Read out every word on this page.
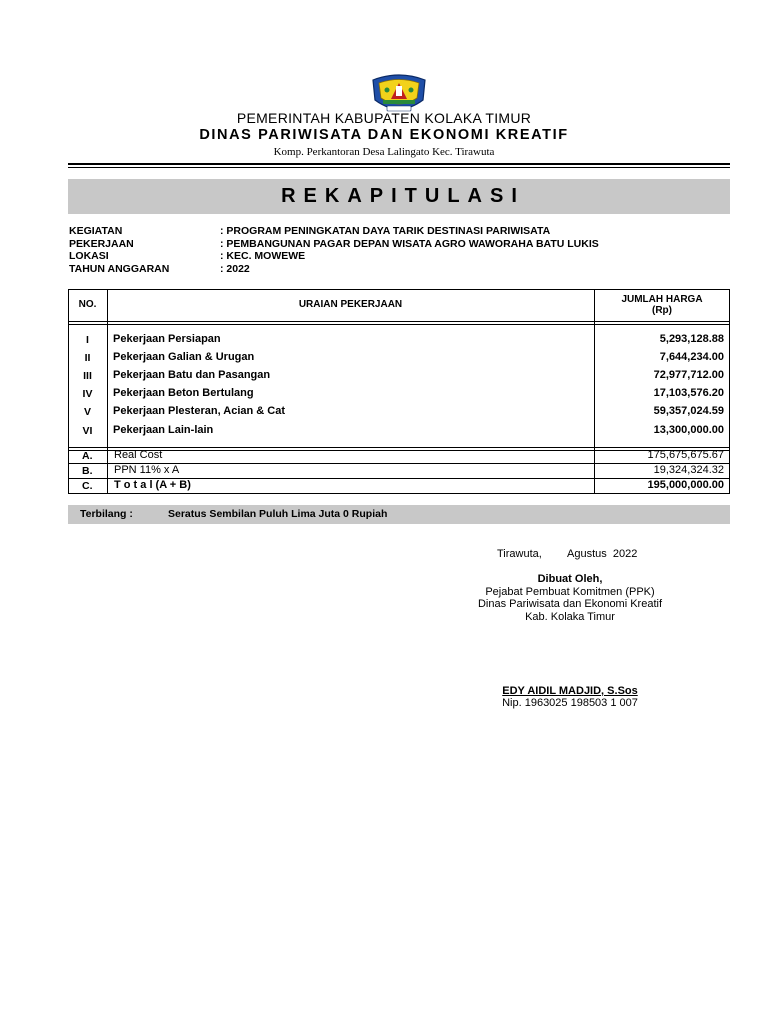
PEMERINTAH KABUPATEN KOLAKA TIMUR
DINAS PARIWISATA DAN EKONOMI KREATIF
Komp. Perkantoran Desa Lalingato Kec. Tirawuta
REKAPITULASI
KEGIATAN	: PROGRAM PENINGKATAN DAYA TARIK DESTINASI PARIWISATA
PEKERJAAN	: PEMBANGUNAN PAGAR DEPAN WISATA AGRO WAWORAHA BATU LUKIS
LOKASI	: KEC. MOWEWE
TAHUN ANGGARAN	: 2022
NO.	URAIAN PEKERJAAN	JUMLAH HARGA
(Rp)
I	Pekerjaan Persiapan	5,293,128.88
II	Pekerjaan Galian & Urugan	7,644,234.00
III	Pekerjaan Batu dan Pasangan	72,977,712.00
IV	Pekerjaan Beton Bertulang	17,103,576.20
V	Pekerjaan Plesteran, Acian & Cat	59,357,024.59
VI	Pekerjaan Lain-lain	13,300,000.00
A. Real Cost	175,675,675.67
B. PPN 11% x A	19,324,324.32
C. T o t a l (A + B)	195,000,000.00
Terbilang :	Seratus Sembilan Puluh Lima Juta 0 Rupiah
Tirawuta, Agustus  2022
Dibuat Oleh,
Pejabat Pembuat Komitmen (PPK)
Dinas Pariwisata dan Ekonomi Kreatif
Kab. Kolaka Timur
EDY AIDIL MADJID, S.Sos
Nip. 1963025 198503 1 007
